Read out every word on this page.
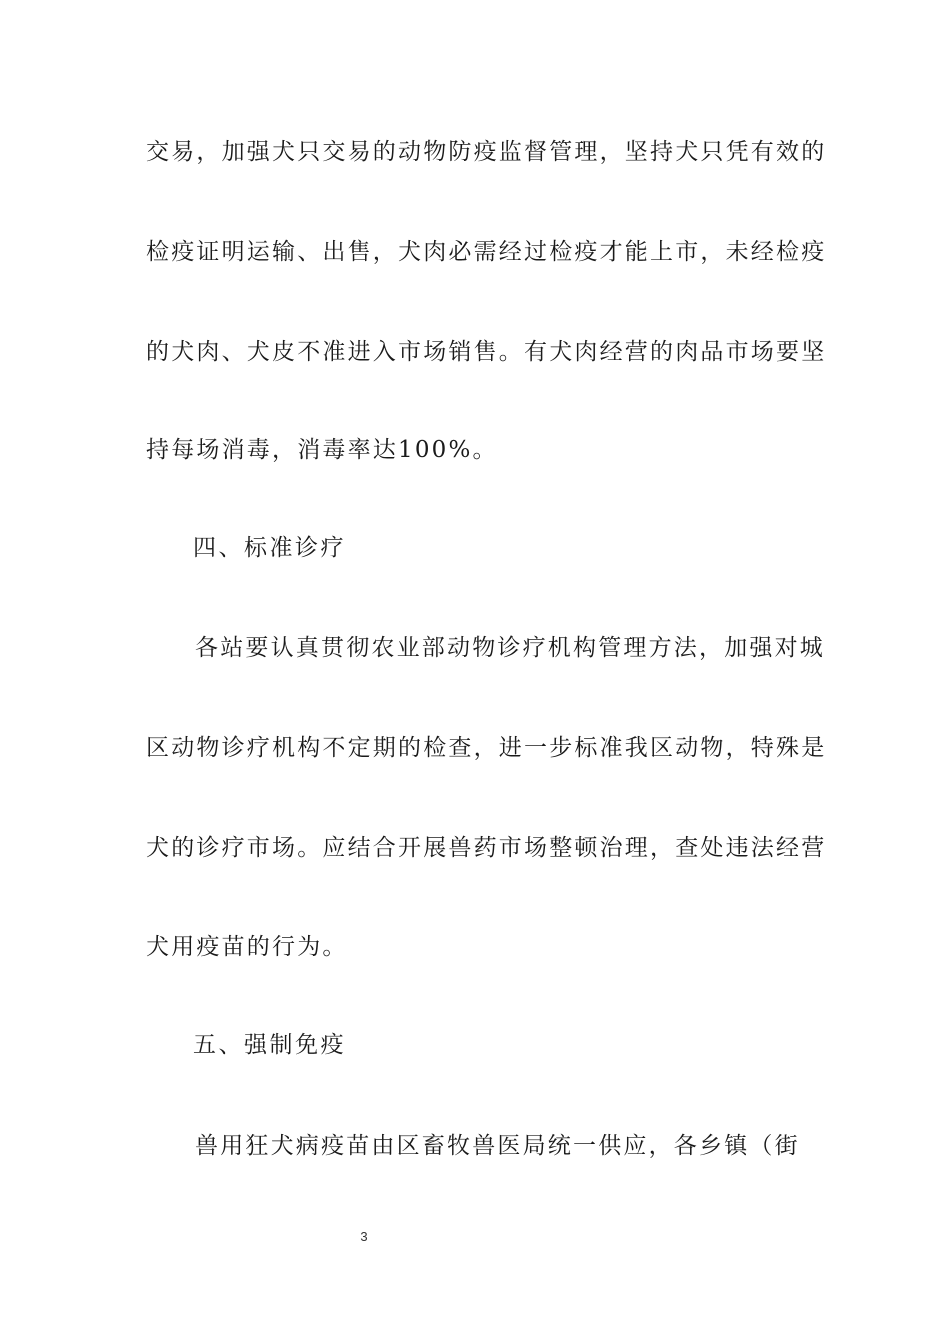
交易，加强犬只交易的动物防疫监督管理，坚持犬只凭有效的
检疫证明运输、出售，犬肉必需经过检疫才能上市，未经检疫
的犬肉、犬皮不准进入市场销售。有犬肉经营的肉品市场要坚
持每场消毒，消毒率达100%。
四、标准诊疗
各站要认真贯彻农业部动物诊疗机构管理方法，加强对城
区动物诊疗机构不定期的检查，进一步标准我区动物，特殊是
犬的诊疗市场。应结合开展兽药市场整顿治理，查处违法经营
犬用疫苗的行为。
五、强制免疫
兽用狂犬病疫苗由区畜牧兽医局统一供应，各乡镇（街
3
